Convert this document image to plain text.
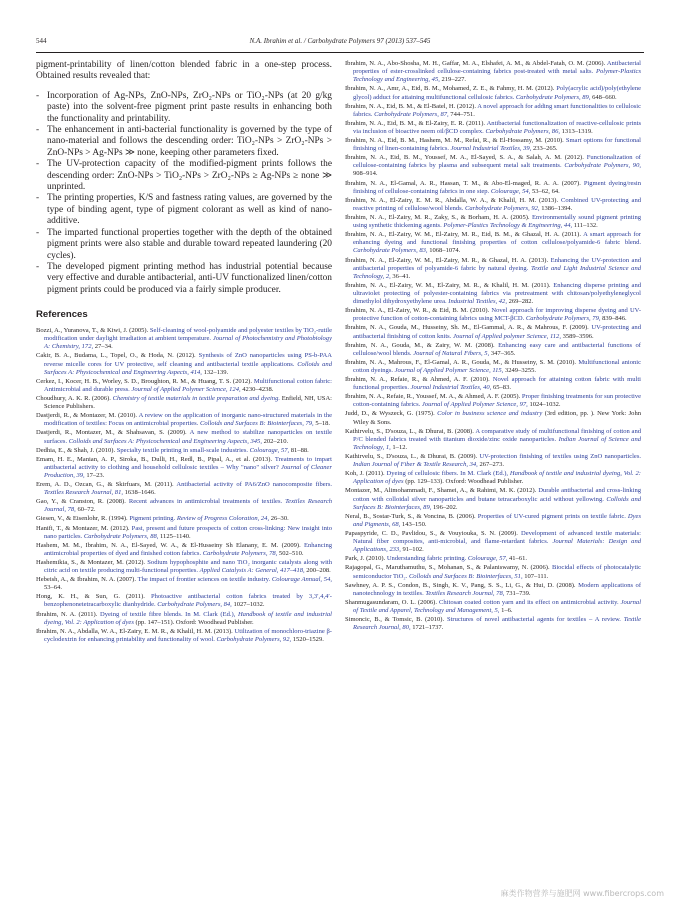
544	N.A. Ibrahim et al. / Carbohydrate Polymers 97 (2013) 537–545

pigment-printability of linen/cotton blended fabric in a one-step process. Obtained results revealed that:

- Incorporation of Ag-NPs, ZnO-NPs, ZrO₂-NPs or TiO₂-NPs (at 20 g/kg paste) into the solvent-free pigment print paste results in enhancing both the functionality and printability.
- The enhancement in anti-bacterial functionality is governed by the type of nano-material and follows the descending order: TiO₂-NPs > ZrO₂-NPs > ZnO-NPs > Ag-NPs ≫ none, keeping other parameters fixed.
- The UV-protection capacity of the modified-pigment prints follows the descending order: ZnO-NPs > TiO₂-NPs > ZrO₂-NPs ≥ Ag-NPs ≥ none ≫ unprinted.
- The printing properties, K/S and fastness rating values, are governed by the type of binding agent, type of pigment colorant as well as kind of nano-additive.
- The imparted functional properties together with the depth of the obtained pigment prints were also stable and durable toward repeated laundering (20 cycles).
- The developed pigment printing method has industrial potential because very effective and durable antibacterial, anti-UV functionalized linen/cotton pigment prints could be produced via a fairly simple producer.
References
Bozzi, A., Yuranova, T., & Kiwi, J. (2005). Self-cleaning of wool-polyamide and polyester textiles by TiO₂-rutile modification under daylight irradiation at ambient temperature. Journal of Photochemistry and Photobiology A: Chemistry, 172, 27–34.
Cakir, B. A., Budama, L., Topel, O., & Hoda, N. (2012). Synthesis of ZnO nanoparticles using PS-b-PAA reverse micelle cores for UV protective, self cleaning and antibacterial textile applications. Colloids and Surfaces A: Physicochemical and Engineering Aspects, 414, 132–139.
Cerkez, I., Kocer, H. B., Worley, S. D., Broughton, R. M., & Huang, T. S. (2012). Multifunctional cotton fabric: Antimicrobial and durable press. Journal of Applied Polymer Science, 124, 4230–4238.
Choudhury, A. K. R. (2006). Chemistry of textile materials in textile preparation and dyeing. Enfield, NH, USA: Science Publishers.
Dastjerdi, R., & Montazer, M. (2010). A review on the application of inorganic nano-structured materials in the modification of textiles: Focus on antimicrobial properties. Colloids and Surfaces B: Biointerfaces, 79, 5–18.
Dastjerdi, R., Montazer, M., & Shahsavan, S. (2009). A new method to stabilize nanoparticles on textile surfaces. Colloids and Surfaces A: Physicochemical and Engineering Aspects, 345, 202–210.
Dedhia, E., & Shah, J. (2010). Specialty textile printing in small-scale industries. Colourage, 57, 81–88.
Emam, H. E., Manian, A. P., Siroka, B., Dulli, H., Redl, B., Pipal, A., et al. (2013). Treatments to impart antibacterial activity to clothing and household cellulosic textiles – Why "nano" silver? Journal of Cleaner Production, 39, 17–23.
Erem, A. D., Ozcan, G., & Skirfuars, M. (2011). Antibacterial activity of PA6/ZnO nanocomposite fibers. Textiles Research Journal, 81, 1638–1646.
Gao, Y., & Cranston, R. (2008). Recent advances in antimicrobial treatments of textiles. Textiles Research Journal, 78, 60–72.
Giesen, V., & Eisenlohr, R. (1994). Pigment printing. Review of Progress Coloration, 24, 26–30.
Hanifi, T., & Montazer, M. (2012). Past, present and future prospects of cotton cross-linking: New insight into nano particles. Carbohydrate Polymers, 88, 1125–1140.
Hashem, M. M., Ibrahim, N. A., El-Sayed, W. A., & El-Husseiny Sh Elanany, E. M. (2009). Enhancing antimicrobial properties of dyed and finished cotton fabrics. Carbohydrate Polymers, 78, 502–510.
Hashemikia, S., & Montazer, M. (2012). Sodium hypophosphite and nano TiO₂ inorganic catalysts along with citric acid on textile producing multi-functional properties. Applied Catalysis A: General, 417–418, 200–208.
Hebeish, A., & Ibrahim, N. A. (2007). The impact of frontier sciences on textile industry. Colourage Annual, 54, 53–64.
Hong, K. H., & Sun, G. (2011). Photoactive antibacterial cotton fabrics treated by 3,3′,4,4′-benzophenonetetracarboxylic dianhydride. Carbohydrate Polymers, 84, 1027–1032.
Ibrahim, N. A. (2011). Dyeing of textile fibre blends. In M. Clark (Ed.), Handbook of textile and industrial dyeing, Vol. 2: Application of dyes (pp. 147–151). Oxford: Woodhead Publisher.
Ibrahim, N. A., Abdalla, W. A., El-Zairy, E. M. R., & Khalil, H. M. (2013). Utilization of monochloro-triazine β-cyclodextrin for enhancing printability and functionality of wool. Carbohydrate Polymers, 92, 1520–1529.
Ibrahim, N. A., Abo-Shosha, M. H., Gaffar, M. A., Elshafei, A. M., & Abdel-Fatah, O. M. (2006). Antibacterial properties of ester-crosslinked cellulose-containing fabrics post-treated with metal salts. Polymer-Plastics Technology and Engineering, 45, 219–227.
Ibrahim, N. A., Amr, A., Eid, B. M., Mohamed, Z. E., & Fahmy, H. M. (2012). Poly(acrylic acid)/poly(ethylene glycol) adduct for attaining multifunctional cellulosic fabrics. Carbohydrate Polymers, 89, 648–660.
Ibrahim, N. A., Eid, B. M., & El-Batel, H. (2012). A novel approach for adding smart functionalities to cellulosic fabrics. Carbohydrate Polymers, 87, 744–751.
Ibrahim, N. A., Eid, B. M., & El-Zairy, E. R. (2011). Antibacterial functionalization of reactive-cellulosic prints via inclusion of bioactive neem oil/βCD complex. Carbohydrate Polymers, 86, 1313–1319.
Ibrahim, N. A., Eid, B. M., Hashem, M. M., Refai, R., & El-Hossamy, M. (2010). Smart options for functional finishing of linen-containing fabrics. Journal Industrial Textiles, 39, 233–265.
Ibrahim, N. A., Eid, B. M., Youssef, M. A., El-Sayed, S. A., & Salah, A. M. (2012). Functionalization of cellulose-containing fabrics by plasma and subsequent metal salt treatments. Carbohydrate Polymers, 90, 908–914.
Ibrahim, N. A., El-Gamal, A. R., Hassan, T. M., & Abo-El-maged, R. A. A. (2007). Pigment dyeing/resin finishing of cellulose-containing fabrics in one step. Colourage, 54, 53–62, 64.
Ibrahim, N. A., El-Zairy, E. M. R., Abdalla, W. A., & Khalil, H. M. (2013). Combined UV-protecting and reactive printing of cellulose/wool blends. Carbohydrate Polymers, 92, 1386–1394.
Ibrahim, N. A., El-Zairy, M. R., Zaky, S., & Borham, H. A. (2005). Environmentally sound pigment printing using synthetic thickening agents. Polymer-Plastics Technology & Engineering, 44, 111–132.
Ibrahim, N. A., El-Zairy, W. M., El-Zairy, M. R., Eid, B. M., & Ghazal, H. A. (2011). A smart approach for enhancing dyeing and functional finishing properties of cotton cellulose/polyamide-6 fabric blend. Carbohydrate Polymers, 83, 1068–1074.
Ibrahim, N. A., El-Zairy, W. M., El-Zairy, M. R., & Ghazal, H. A. (2013). Enhancing the UV-protection and antibacterial properties of polyamide-6 fabric by natural dyeing. Textile and Light Industrial Science and Technology, 2, 36–41.
Ibrahim, N. A., El-Zairy, W. M., El-Zairy, M. R., & Khalil, H. M. (2011). Enhancing disperse printing and ultraviolet protecting of polyester-containing fabrics via pretreatment with chitosan/polyethyleneglycol dimethylol dihydroxyethylene urea. Industrial Textiles, 42, 269–282.
Ibrahim, N. A., El-Zairy, W. R., & Eid, B. M. (2010). Novel approach for improving disperse dyeing and UV-protective function of cotton-containing fabrics using MCT-βCD. Carbohydrate Polymers, 79, 839–846.
Ibrahim, N. A., Gouda, M., Husseiny, Sh. M., El-Gammal, A. R., & Mahrous, F. (2009). UV-protecting and antibacterial finishing of cotton knits. Journal of Applied polymer Science, 112, 3589–3596.
Ibrahim, N. A., Gouda, M., & Zairy, W. M. (2008). Enhancing easy care and antibacterial functions of cellulose/wool blends. Journal of Natural Fibers, 5, 347–365.
Ibrahim, N. A., Mahrous, F., El-Gamal, A. R., Gouda, M., & Husseiny, S. M. (2010). Multifunctional anionic cotton dyeings. Journal of Applied Polymer Science, 115, 3249–3255.
Ibrahim, N. A., Refaie, R., & Ahmed, A. F. (2010). Novel approach for attaining cotton fabric with multi functional properties. Journal Industrial Textiles, 40, 65–83.
Ibrahim, N. A., Refaie, R., Youssef, M. A., & Ahmed, A. F. (2005). Proper finishing treatments for sun protective cotton-containing fabrics. Journal of Applied Polymer Science, 97, 1024–1032.
Judd, D., & Wyszeck, G. (1975). Color in business science and industry (3rd edition, pp. ). New York: John Wiley & Sons.
Kathirvelu, S., D'souza, L., & Dhurai, B. (2008). A comparative study of multifunctional finishing of cotton and P/C blended fabrics treated with titanium dioxide/zinc oxide nanoparticles. Indian Journal of Science and Technology, 1, 1–12.
Kathirvelu, S., D'souza, L., & Dhurai, B. (2009). UV-protection finishing of textiles using ZnO nanoparticles. Indian Journal of Fiber & Textile Research, 34, 267–273.
Koh, J. (2011). Dyeing of cellulosic fibers. In M. Clark (Ed.), Handbook of textile and industrial dyeing, Vol. 2: Application of dyes (pp. 129–133). Oxford: Woodhead Publisher.
Montazer, M., Alimohammadi, F., Shamei, A., & Rahimi, M. K. (2012). Durable antibacterial and cross-linking cotton with colloidal silver nanoparticles and butane tetracarboxylic acid without yellowing. Colloids and Surfaces B: Biointerfaces, 89, 196–202.
Neral, B., Sostar-Turk, S., & Voncina, B. (2006). Properties of UV-cured pigment prints on textile fabric. Dyes and Pigments, 68, 143–150.
Papaspyride, C. D., Pavlidou, S., & Vouyiouka, S. N. (2009). Development of advanced textile materials: Natural fiber composites, anti-microbial, and flame-retardant fabrics. Journal Materials: Design and Applications, 233, 91–102.
Park, J. (2010). Understanding fabric printing. Colourage, 57, 41–61.
Rajagopal, G., Maruthamuthu, S., Mohanan, S., & Palaniswamy, N. (2006). Biocidal effects of photocatalytic semiconductor TiO₂. Colloids and Surfaces B: Biointerfaces, 51, 107–111.
Sawhney, A. P. S., Condon, B., Singh, K. V., Pang, S. S., Li, G., & Hui, D. (2008). Modern applications of nanotechnology in textiles. Textiles Research Journal, 78, 731–739.
Shanmugasundaram, O. L. (2006). Chitosan coated cotton yarn and its effect on antimicrobial activity. Journal of Textile and Apparel, Technology and Management, 5, 1–6.
Simoncic, B., & Tomsic, B. (2010). Structures of novel antibacterial agents for textiles – A review. Textile Research Journal, 80, 1721–1737.
麻类作物营养与施肥网 www.fibercrops.com
